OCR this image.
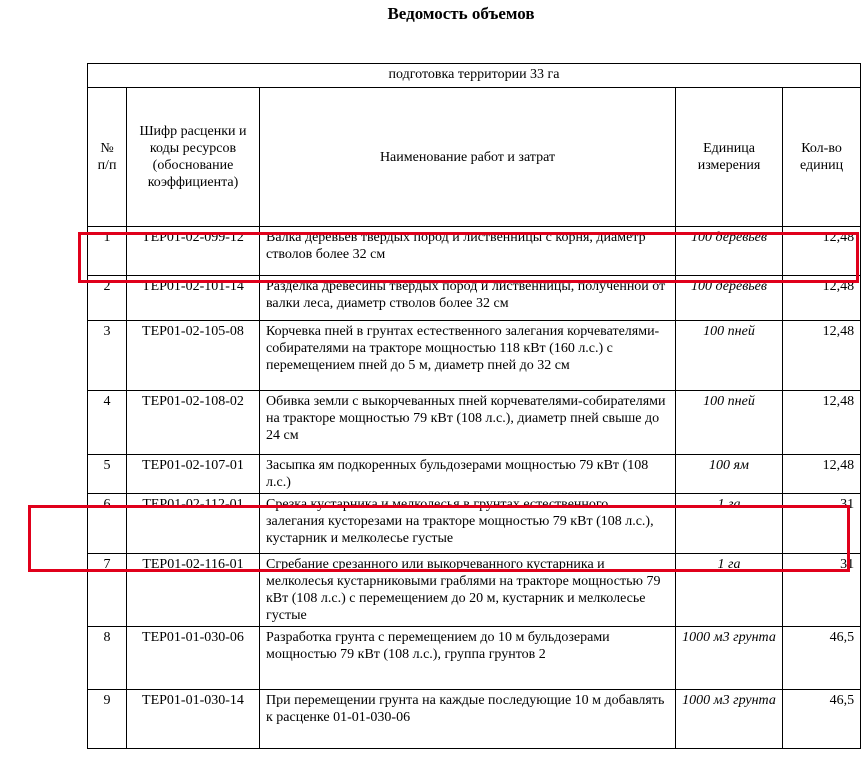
Ведомость объемов
подготовка территории 33 га				
№ п/п	Шифр расценки и коды ресурсов (обоснование коэффициента)	Наименование работ и затрат	Единица измерения	Кол-во единиц
1	ТЕР01-02-099-12	Валка деревьев твердых пород и лиственницы с корня, диаметр стволов более 32 см	100 деревьев	12,48
2	ТЕР01-02-101-14	Разделка древесины твердых пород и лиственницы, полученной от валки леса, диаметр стволов более 32 см	100 деревьев	12,48
3	ТЕР01-02-105-08	Корчевка пней в грунтах естественного залегания корчевателями-собирателями на тракторе мощностью 118 кВт (160 л.с.) с перемещением пней до 5 м, диаметр пней до 32 см	100 пней	12,48
4	ТЕР01-02-108-02	Обивка земли с выкорчеванных пней корчевателями-собирателями на тракторе мощностью 79 кВт (108 л.с.), диаметр пней свыше до 24 см	100 пней	12,48
5	ТЕР01-02-107-01	Засыпка ям подкоренных бульдозерами мощностью 79 кВт (108 л.с.)	100 ям	12,48
6	ТЕР01-02-112-01	Срезка кустарника и мелколесья в грунтах естественного залегания кусторезами на тракторе мощностью 79 кВт (108 л.с.), кустарник и мелколесье густые	1 га	31
7	ТЕР01-02-116-01	Сгребание срезанного или выкорчеванного кустарника и мелколесья кустарниковыми граблями на тракторе мощностью 79 кВт (108 л.с.) с перемещением до 20 м, кустарник и мелколесье густые	1 га	31
8	ТЕР01-01-030-06	Разработка грунта с перемещением до 10 м бульдозерами мощностью 79 кВт (108 л.с.), группа грунтов 2	1000 м3 грунта	46,5
9	ТЕР01-01-030-14	При перемещении грунта на каждые последующие 10 м добавлять к расценке 01-01-030-06	1000 м3 грунта	46,5
